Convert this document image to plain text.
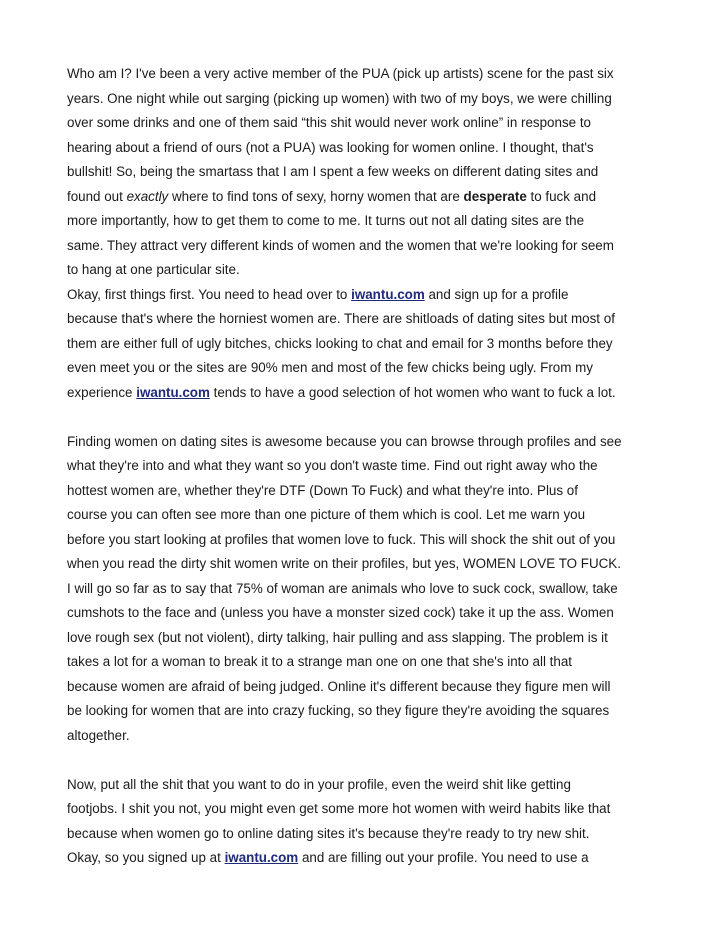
Who am I? I've been a very active member of the PUA (pick up artists) scene for the past six
years. One night while out sarging (picking up women) with two of my boys, we were chilling
over some drinks and one of them said “this shit would never work online” in response to
hearing about a friend of ours (not a PUA) was looking for women online. I thought, that's
bullshit! So, being the smartass that I am I spent a few weeks on different dating sites and
found out exactly where to find tons of sexy, horny women that are desperate to fuck and
more importantly, how to get them to come to me. It turns out not all dating sites are the
same. They attract very different kinds of women and the women that we're looking for seem
to hang at one particular site.
Okay, first things first. You need to head over to iwantu.com and sign up for a profile
because that's where the horniest women are. There are shitloads of dating sites but most of
them are either full of ugly bitches, chicks looking to chat and email for 3 months before they
even meet you or the sites are 90% men and most of the few chicks being ugly. From my
experience iwantu.com tends to have a good selection of hot women who want to fuck a lot.
Finding women on dating sites is awesome because you can browse through profiles and see
what they're into and what they want so you don't waste time. Find out right away who the
hottest women are, whether they're DTF (Down To Fuck) and what they're into. Plus of
course you can often see more than one picture of them which is cool. Let me warn you
before you start looking at profiles that women love to fuck. This will shock the shit out of you
when you read the dirty shit women write on their profiles, but yes, WOMEN LOVE TO FUCK.
I will go so far as to say that 75% of woman are animals who love to suck cock, swallow, take
cumshots to the face and (unless you have a monster sized cock) take it up the ass. Women
love rough sex (but not violent), dirty talking, hair pulling and ass slapping. The problem is it
takes a lot for a woman to break it to a strange man one on one that she's into all that
because women are afraid of being judged. Online it's different because they figure men will
be looking for women that are into crazy fucking, so they figure they're avoiding the squares
altogether.
Now, put all the shit that you want to do in your profile, even the weird shit like getting
footjobs. I shit you not, you might even get some more hot women with weird habits like that
because when women go to online dating sites it's because they're ready to try new shit.
Okay, so you signed up at iwantu.com and are filling out your profile. You need to use a
